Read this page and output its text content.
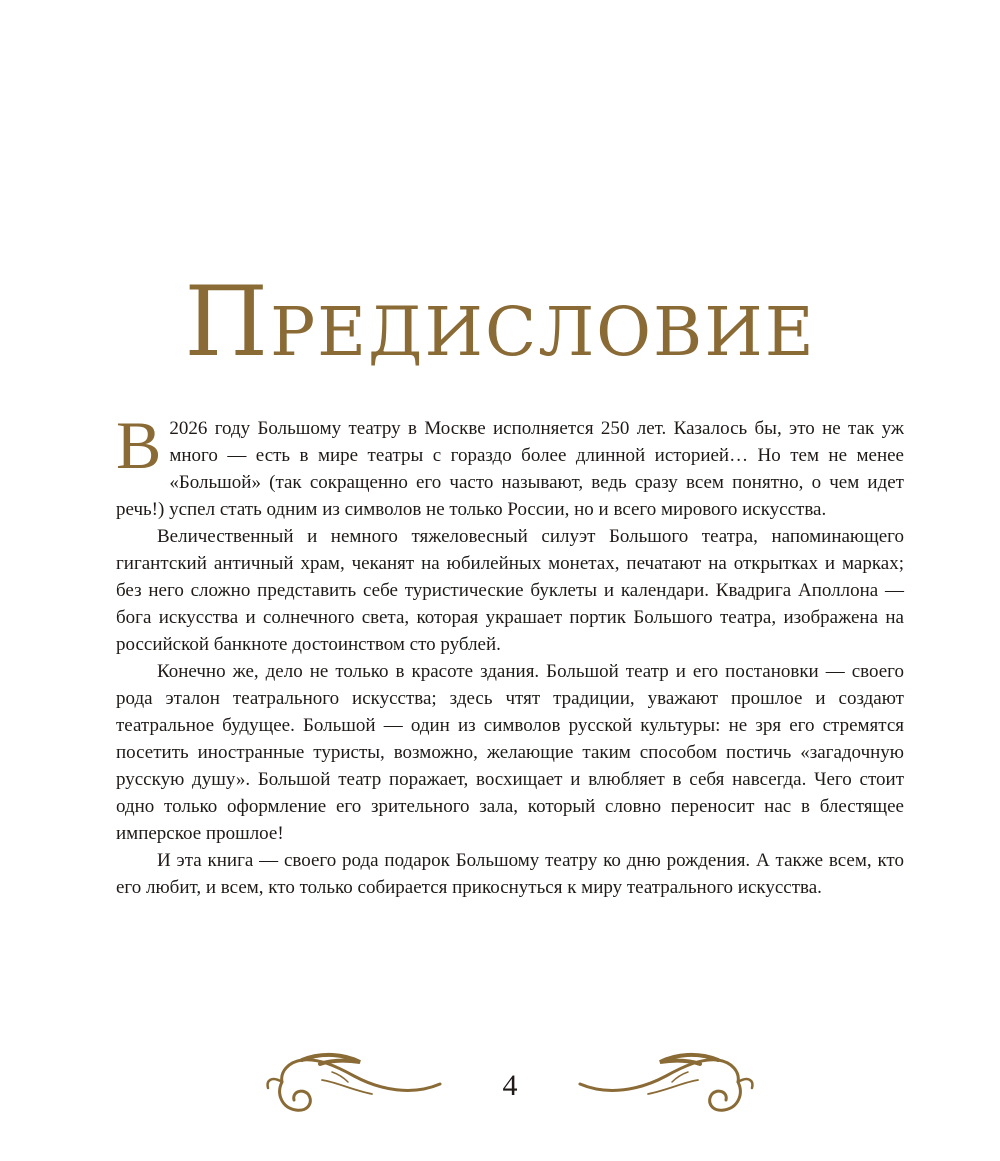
Предисловие

В 2026 году Большому театру в Москве исполняется 250 лет. Казалось бы, это не так уж много — есть в мире театры с гораздо более длинной историей… Но тем не менее «Большой» (так сокращенно его часто называют, ведь сразу всем понятно, о чем идет речь!) успел стать одним из символов не только России, но и всего мирового искусства.

Величественный и немного тяжеловесный силуэт Большого театра, напоминающего гигантский античный храм, чеканят на юбилейных монетах, печатают на открытках и марках; без него сложно представить себе туристические буклеты и календари. Квадрига Аполлона — бога искусства и солнечного света, которая украшает портик Большого театра, изображена на российской банкноте достоинством сто рублей.

Конечно же, дело не только в красоте здания. Большой театр и его постановки — своего рода эталон театрального искусства; здесь чтят традиции, уважают прошлое и создают театральное будущее. Большой — один из символов русской культуры: не зря его стремятся посетить иностранные туристы, возможно, желающие таким способом постичь «загадочную русскую душу». Большой театр поражает, восхищает и влюбляет в себя навсегда. Чего стоит одно только оформление его зрительного зала, который словно переносит нас в блестящее имперское прошлое!

И эта книга — своего рода подарок Большому театру ко дню рождения. А также всем, кто его любит, и всем, кто только собирается прикоснуться к миру театрального искусства.

4
